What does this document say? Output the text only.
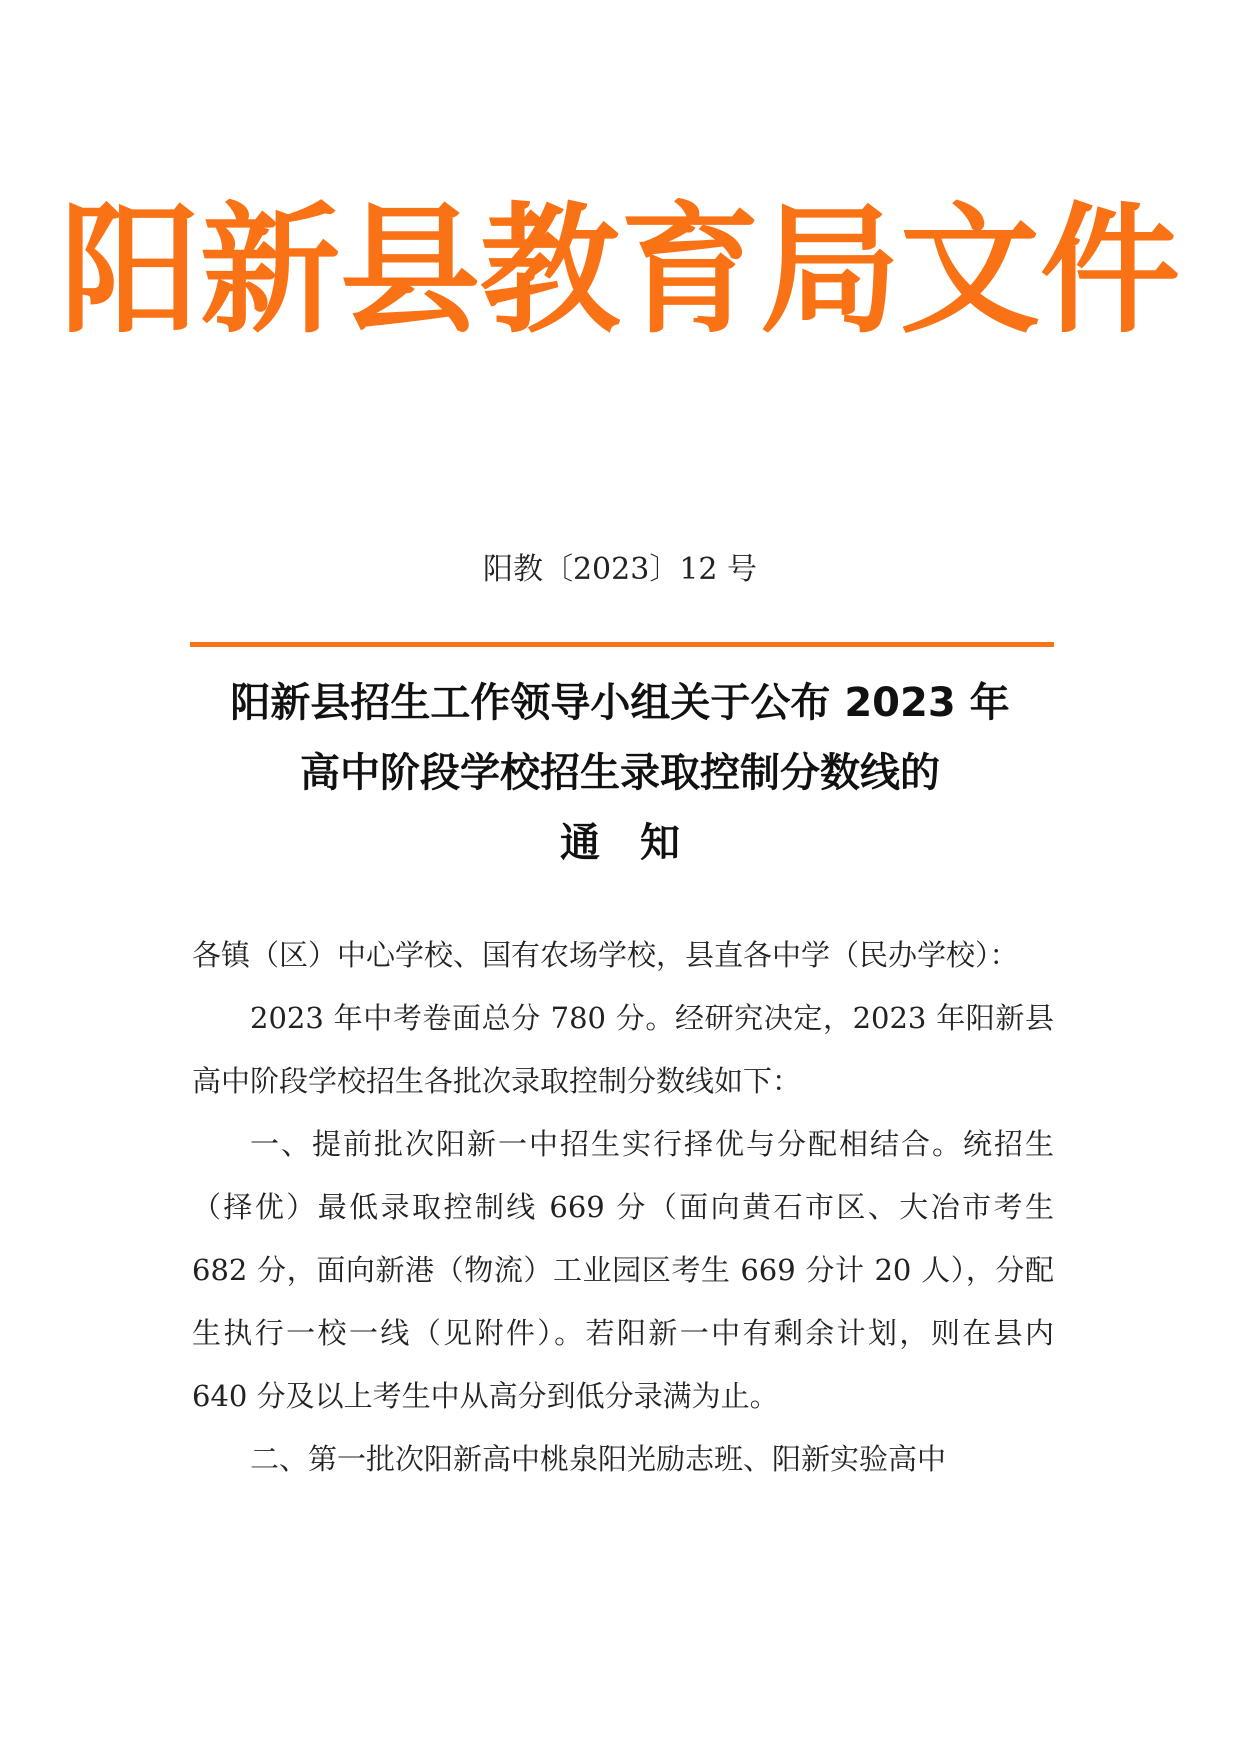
阳新县教育局文件
阳教〔2023〕12 号
阳新县招生工作领导小组关于公布 2023 年
高中阶段学校招生录取控制分数线的
通　知

各镇（区）中心学校、国有农场学校，县直各中学（民办学校）：

2023 年中考卷面总分 780 分。经研究决定，2023 年阳新县高中阶段学校招生各批次录取控制分数线如下：

一、提前批次阳新一中招生实行择优与分配相结合。统招生（择优）最低录取控制线 669 分（面向黄石市区、大冶市考生 682 分，面向新港（物流）工业园区考生 669 分计 20 人），分配生执行一校一线（见附件）。若阳新一中有剩余计划，则在县内 640 分及以上考生中从高分到低分录满为止。

二、第一批次阳新高中桃泉阳光励志班、阳新实验高中
